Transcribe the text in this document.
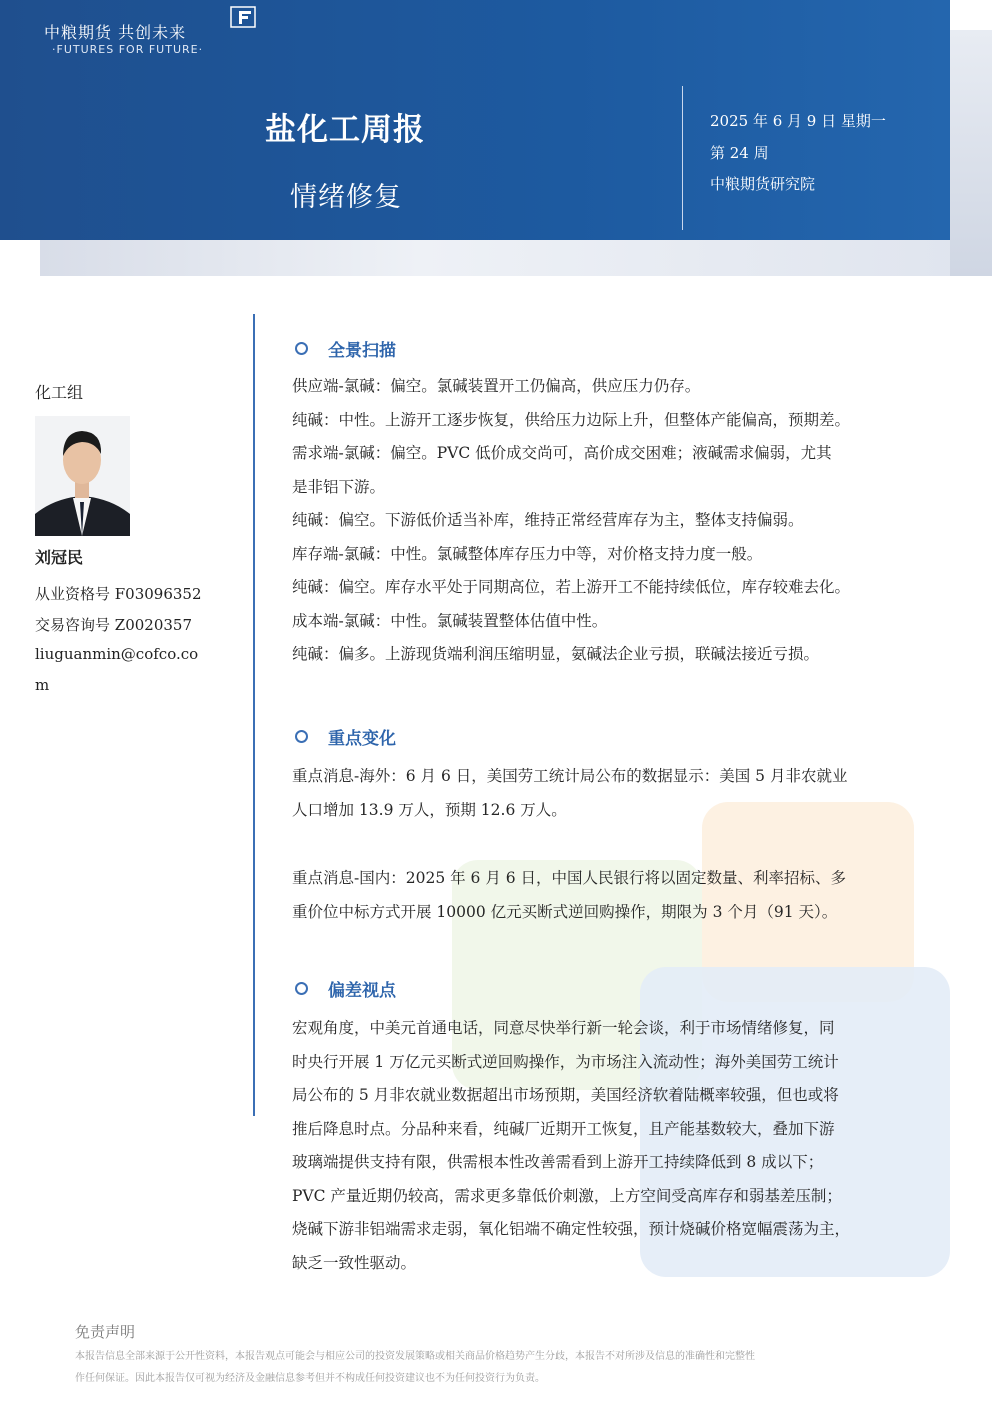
中粮期货 共创未来
·FUTURES FOR FUTURE·
盐化工周报
情绪修复
2025 年 6 月 9 日 星期一
第 24 周
中粮期货研究院
化工组
刘冠民
从业资格号 F03096352
交易咨询号 Z0020357
liuguanmin@cofco.co
m
全景扫描
供应端-氯碱：偏空。氯碱装置开工仍偏高，供应压力仍存。
纯碱：中性。上游开工逐步恢复，供给压力边际上升，但整体产能偏高，预期差。
需求端-氯碱：偏空。PVC 低价成交尚可，高价成交困难；液碱需求偏弱，尤其
是非铝下游。
纯碱：偏空。下游低价适当补库，维持正常经营库存为主，整体支持偏弱。
库存端-氯碱：中性。氯碱整体库存压力中等，对价格支持力度一般。
纯碱：偏空。库存水平处于同期高位，若上游开工不能持续低位，库存较难去化。
成本端-氯碱：中性。氯碱装置整体估值中性。
纯碱：偏多。上游现货端利润压缩明显，氨碱法企业亏损，联碱法接近亏损。
重点变化
重点消息-海外：6 月 6 日，美国劳工统计局公布的数据显示：美国 5 月非农就业
人口增加 13.9 万人，预期 12.6 万人。
重点消息-国内：2025 年 6 月 6 日，中国人民银行将以固定数量、利率招标、多
重价位中标方式开展 10000 亿元买断式逆回购操作，期限为 3 个月（91 天）。
偏差视点
宏观角度，中美元首通电话，同意尽快举行新一轮会谈，利于市场情绪修复，同
时央行开展 1 万亿元买断式逆回购操作，为市场注入流动性；海外美国劳工统计
局公布的 5 月非农就业数据超出市场预期，美国经济软着陆概率较强，但也或将
推后降息时点。分品种来看，纯碱厂近期开工恢复，且产能基数较大，叠加下游
玻璃端提供支持有限，供需根本性改善需看到上游开工持续降低到 8 成以下；
PVC 产量近期仍较高，需求更多靠低价刺激，上方空间受高库存和弱基差压制；
烧碱下游非铝端需求走弱，氧化铝端不确定性较强，预计烧碱价格宽幅震荡为主，
缺乏一致性驱动。
免责声明
本报告信息全部来源于公开性资料，本报告观点可能会与相应公司的投资发展策略或相关商品价格趋势产生分歧，本报告不对所涉及信息的准确性和完整性
作任何保证。因此本报告仅可视为经济及金融信息参考但并不构成任何投资建议也不为任何投资行为负责。
